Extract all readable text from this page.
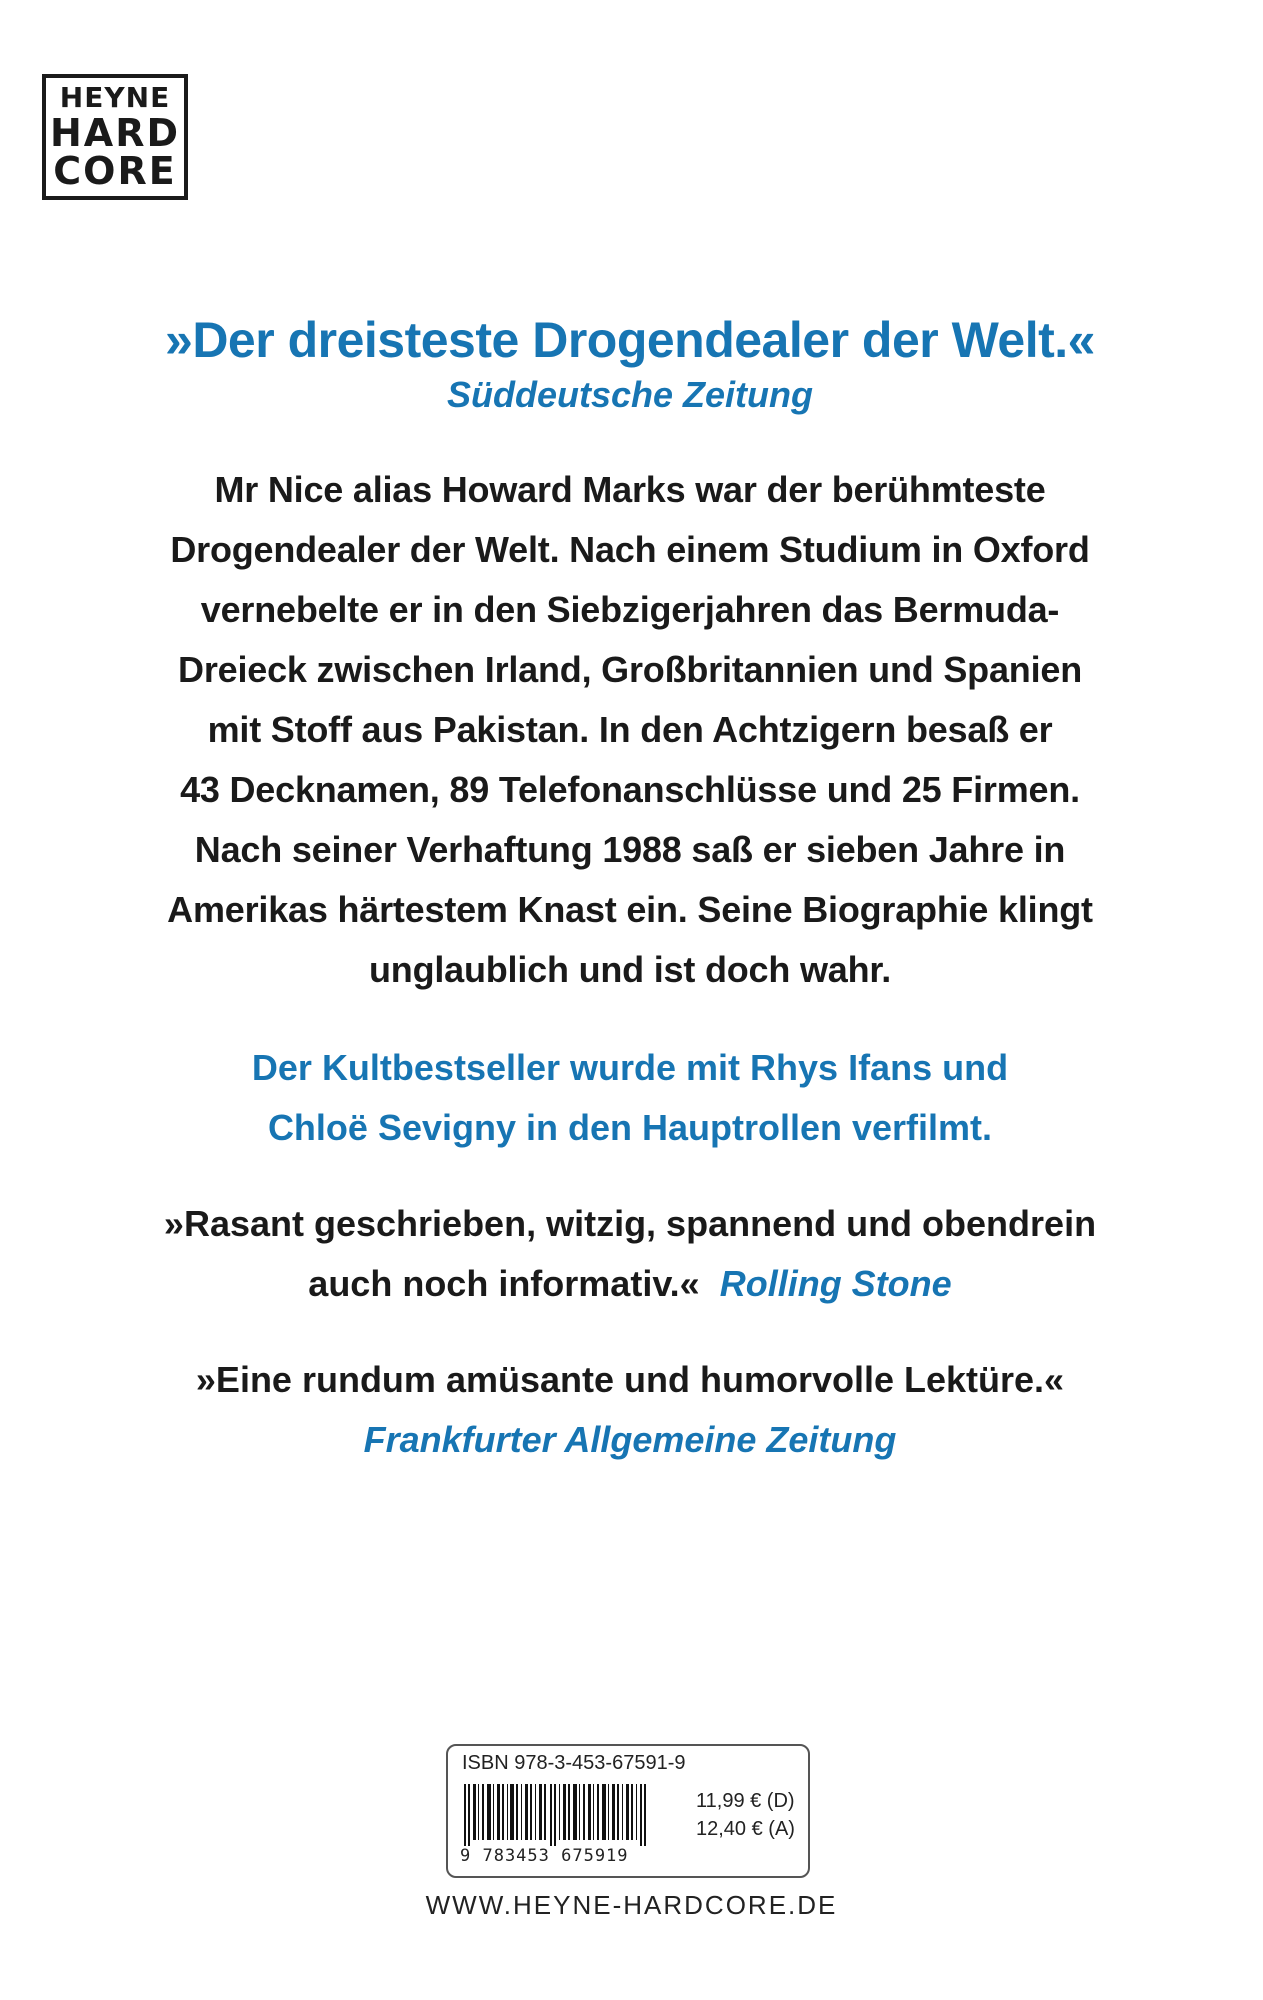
HEYNE
HARD
CORE

»Der dreisteste Drogendealer der Welt.«

Süddeutsche Zeitung

Mr Nice alias Howard Marks war der berühmteste
Drogendealer der Welt. Nach einem Studium in Oxford
vernebelte er in den Siebzigerjahren das Bermuda-
Dreieck zwischen Irland, Großbritannien und Spanien
mit Stoff aus Pakistan. In den Achtzigern besaß er
43 Decknamen, 89 Telefonanschlüsse und 25 Firmen.
Nach seiner Verhaftung 1988 saß er sieben Jahre in
Amerikas härtestem Knast ein. Seine Biographie klingt
unglaublich und ist doch wahr.

Der Kultbestseller wurde mit Rhys Ifans und
Chloë Sevigny in den Hauptrollen verfilmt.

»Rasant geschrieben, witzig, spannend und obendrein
auch noch informativ.« Rolling Stone

»Eine rundum amüsante und humorvolle Lektüre.«

Frankfurter Allgemeine Zeitung

ISBN 978-3-453-67591-9
9 783453 675919
11,99 € (D)
12,40 € (A)
WWW.HEYNE-HARDCORE.DE
